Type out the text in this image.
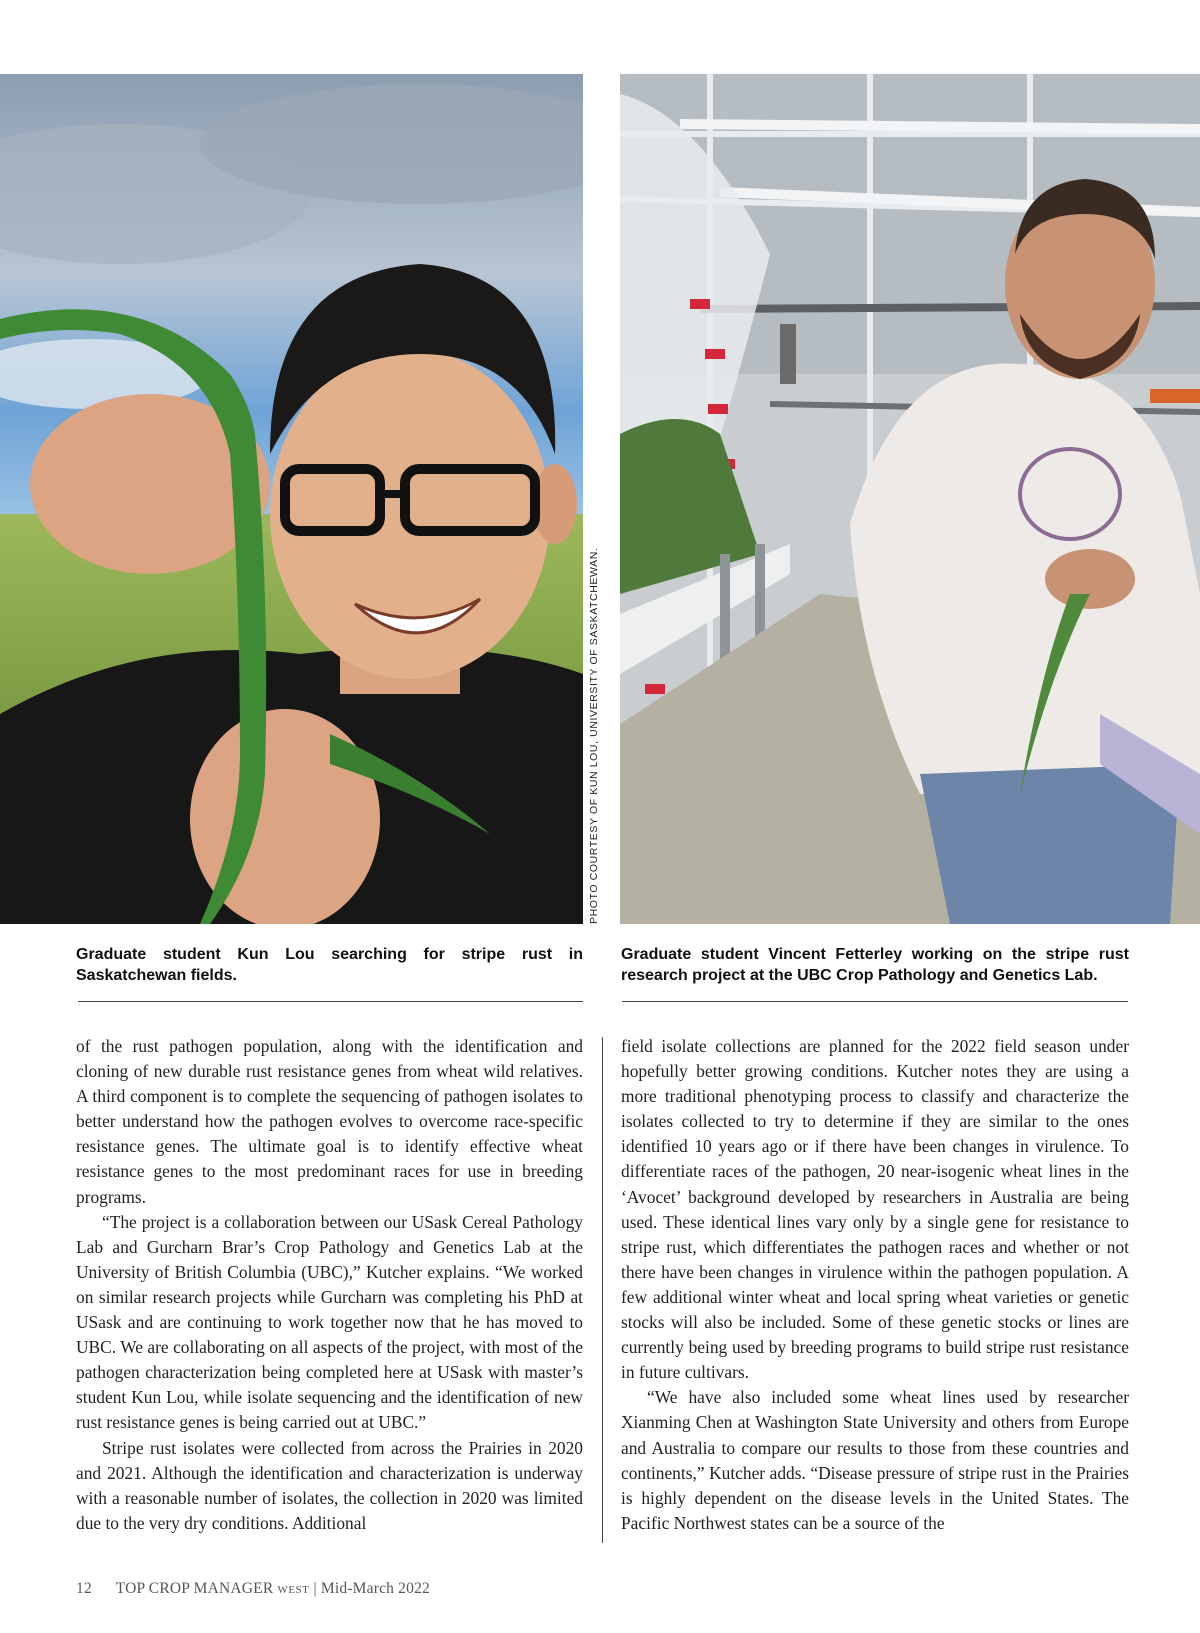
PHOTO COURTESY OF KUN LOU, UNIVERSITY OF SASKATCHEWAN.
Graduate student Kun Lou searching for stripe rust in Saskatchewan fields.
Graduate student Vincent Fetterley working on the stripe rust research project at the UBC Crop Pathology and Genetics Lab.

of the rust pathogen population, along with the identification and cloning of new durable rust resistance genes from wheat wild relatives. A third component is to complete the sequencing of pathogen isolates to better understand how the pathogen evolves to overcome race-specific resistance genes. The ultimate goal is to identify effective wheat resistance genes to the most predominant races for use in breeding programs.

“The project is a collaboration between our USask Cereal Pathology Lab and Gurcharn Brar’s Crop Pathology and Genetics Lab at the University of British Columbia (UBC),” Kutcher explains. “We worked on similar research projects while Gurcharn was completing his PhD at USask and are continuing to work together now that he has moved to UBC. We are collaborating on all aspects of the project, with most of the pathogen characterization being completed here at USask with master’s student Kun Lou, while isolate sequencing and the identification of new rust resistance genes is being carried out at UBC.”

Stripe rust isolates were collected from across the Prairies in 2020 and 2021. Although the identification and characterization is underway with a reasonable number of isolates, the collection in 2020 was limited due to the very dry conditions. Additional

field isolate collections are planned for the 2022 field season under hopefully better growing conditions. Kutcher notes they are using a more traditional phenotyping process to classify and characterize the isolates collected to try to determine if they are similar to the ones identified 10 years ago or if there have been changes in virulence. To differentiate races of the pathogen, 20 near-isogenic wheat lines in the ‘Avocet’ background developed by researchers in Australia are being used. These identical lines vary only by a single gene for resistance to stripe rust, which differentiates the pathogen races and whether or not there have been changes in virulence within the pathogen population. A few additional winter wheat and local spring wheat varieties or genetic stocks will also be included. Some of these genetic stocks or lines are currently being used by breeding programs to build stripe rust resistance in future cultivars.

“We have also included some wheat lines used by researcher Xianming Chen at Washington State University and others from Europe and Australia to compare our results to those from these countries and continents,” Kutcher adds. “Disease pressure of stripe rust in the Prairies is highly dependent on the disease levels in the United States. The Pacific Northwest states can be a source of the

12 TOP CROP MANAGER WEST | Mid-March 2022
